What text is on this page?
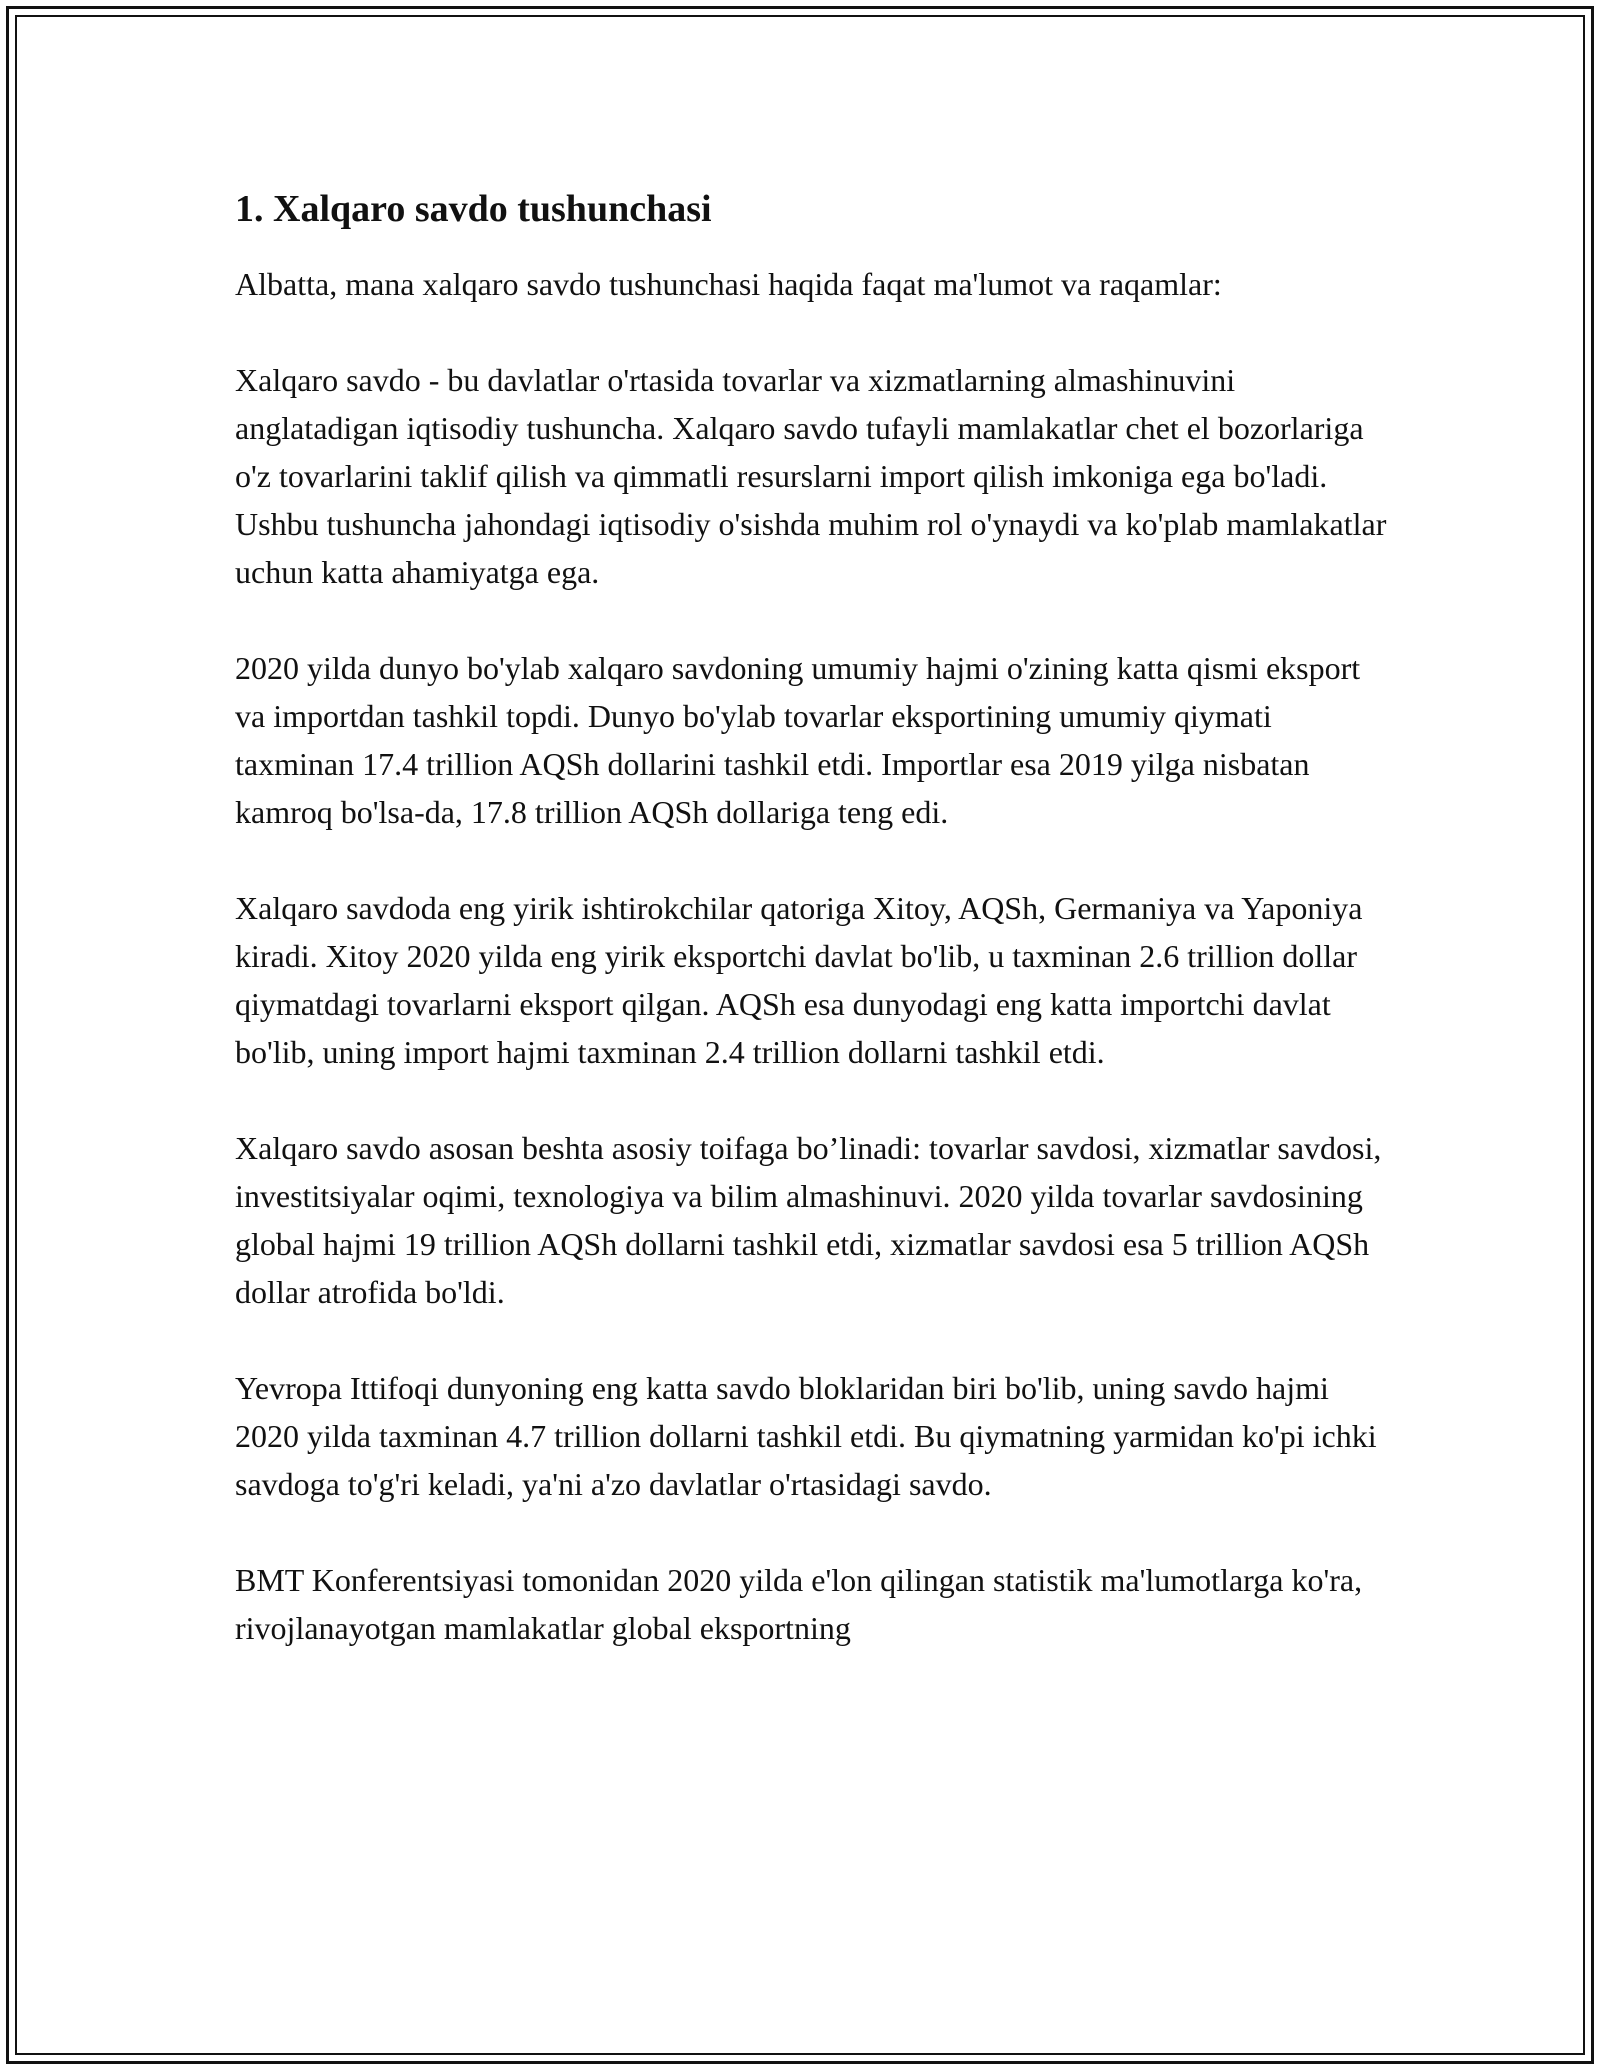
1. Xalqaro savdo tushunchasi

Albatta, mana xalqaro savdo tushunchasi haqida faqat ma'lumot va raqamlar:

Xalqaro savdo - bu davlatlar o'rtasida tovarlar va xizmatlarning almashinuvini anglatadigan iqtisodiy tushuncha. Xalqaro savdo tufayli mamlakatlar chet el bozorlariga o'z tovarlarini taklif qilish va qimmatli resurslarni import qilish imkoniga ega bo'ladi. Ushbu tushuncha jahondagi iqtisodiy o'sishda muhim rol o'ynaydi va ko'plab mamlakatlar uchun katta ahamiyatga ega.

2020 yilda dunyo bo'ylab xalqaro savdoning umumiy hajmi o'zining katta qismi eksport va importdan tashkil topdi. Dunyo bo'ylab tovarlar eksportining umumiy qiymati taxminan 17.4 trillion AQSh dollarini tashkil etdi. Importlar esa 2019 yilga nisbatan kamroq bo'lsa-da, 17.8 trillion AQSh dollariga teng edi.

Xalqaro savdoda eng yirik ishtirokchilar qatoriga Xitoy, AQSh, Germaniya va Yaponiya kiradi. Xitoy 2020 yilda eng yirik eksportchi davlat bo'lib, u taxminan 2.6 trillion dollar qiymatdagi tovarlarni eksport qilgan. AQSh esa dunyodagi eng katta importchi davlat bo'lib, uning import hajmi taxminan 2.4 trillion dollarni tashkil etdi.

Xalqaro savdo asosan beshta asosiy toifaga bo’linadi: tovarlar savdosi, xizmatlar savdosi, investitsiyalar oqimi, texnologiya va bilim almashinuvi. 2020 yilda tovarlar savdosining global hajmi 19 trillion AQSh dollarni tashkil etdi, xizmatlar savdosi esa 5 trillion AQSh dollar atrofida bo'ldi.

Yevropa Ittifoqi dunyoning eng katta savdo bloklaridan biri bo'lib, uning savdo hajmi 2020 yilda taxminan 4.7 trillion dollarni tashkil etdi. Bu qiymatning yarmidan ko'pi ichki savdoga to'g'ri keladi, ya'ni a'zo davlatlar o'rtasidagi savdo.

BMT Konferentsiyasi tomonidan 2020 yilda e'lon qilingan statistik ma'lumotlarga ko'ra, rivojlanayotgan mamlakatlar global eksportning
